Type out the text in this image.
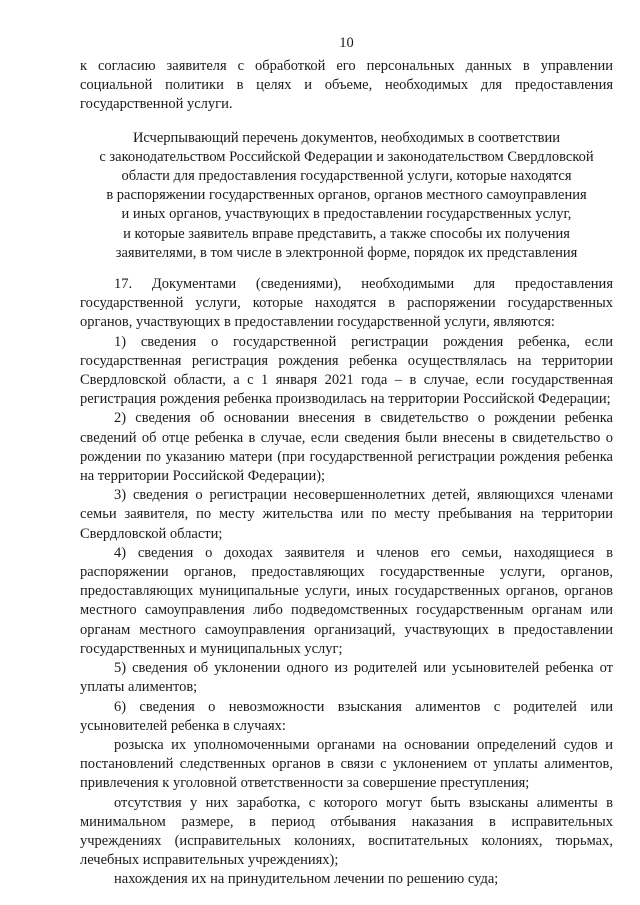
10

к согласию заявителя с обработкой его персональных данных в управлении социальной политики в целях и объеме, необходимых для предоставления государственной услуги.

Исчерпывающий перечень документов, необходимых в соответствии
с законодательством Российской Федерации и законодательством Свердловской
области для предоставления государственной услуги, которые находятся
в распоряжении государственных органов, органов местного самоуправления
и иных органов, участвующих в предоставлении государственных услуг,
и которые заявитель вправе представить, а также способы их получения
заявителями, в том числе в электронной форме, порядок их представления

17. Документами (сведениями), необходимыми для предоставления государственной услуги, которые находятся в распоряжении государственных органов, участвующих в предоставлении государственной услуги, являются:

1) сведения о государственной регистрации рождения ребенка, если государственная регистрация рождения ребенка осуществлялась на территории Свердловской области, а с 1 января 2021 года – в случае, если государственная регистрация рождения ребенка производилась на территории Российской Федерации;

2) сведения об основании внесения в свидетельство о рождении ребенка сведений об отце ребенка в случае, если сведения были внесены в свидетельство о рождении по указанию матери (при государственной регистрации рождения ребенка на территории Российской Федерации);

3) сведения о регистрации несовершеннолетних детей, являющихся членами семьи заявителя, по месту жительства или по месту пребывания на территории Свердловской области;

4) сведения о доходах заявителя и членов его семьи, находящиеся в распоряжении органов, предоставляющих государственные услуги, органов, предоставляющих муниципальные услуги, иных государственных органов, органов местного самоуправления либо подведомственных государственным органам или органам местного самоуправления организаций, участвующих в предоставлении государственных и муниципальных услуг;

5) сведения об уклонении одного из родителей или усыновителей ребенка от уплаты алиментов;

6) сведения о невозможности взыскания алиментов с родителей или усыновителей ребенка в случаях:

розыска их уполномоченными органами на основании определений судов и постановлений следственных органов в связи с уклонением от уплаты алиментов, привлечения к уголовной ответственности за совершение преступления;

отсутствия у них заработка, с которого могут быть взысканы алименты в минимальном размере, в период отбывания наказания в исправительных учреждениях (исправительных колониях, воспитательных колониях, тюрьмах, лечебных исправительных учреждениях);

нахождения их на принудительном лечении по решению суда;
